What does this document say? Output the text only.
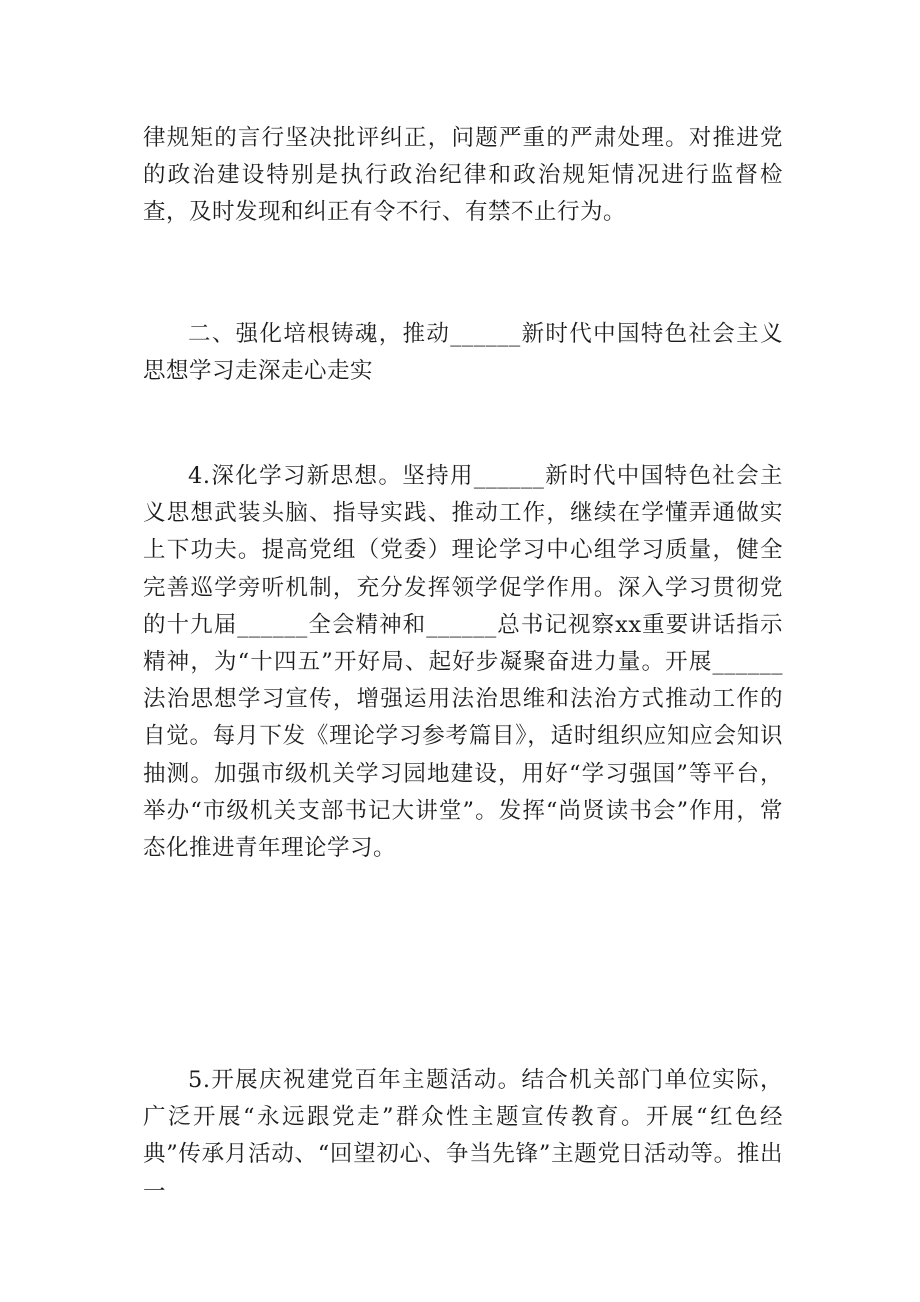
律规矩的言行坚决批评纠正，问题严重的严肃处理。对推进党的政治建设特别是执行政治纪律和政治规矩情况进行监督检查，及时发现和纠正有令不行、有禁不止行为。

二、强化培根铸魂，推动______新时代中国特色社会主义思想学习走深走心走实

4.深化学习新思想。坚持用______新时代中国特色社会主义思想武装头脑、指导实践、推动工作，继续在学懂弄通做实上下功夫。提高党组（党委）理论学习中心组学习质量，健全完善巡学旁听机制，充分发挥领学促学作用。深入学习贯彻党的十九届______全会精神和______总书记视察xx重要讲话指示精神，为“十四五”开好局、起好步凝聚奋进力量。开展______法治思想学习宣传，增强运用法治思维和法治方式推动工作的自觉。每月下发《理论学习参考篇目》，适时组织应知应会知识抽测。加强市级机关学习园地建设，用好“学习强国”等平台，举办“市级机关支部书记大讲堂”。发挥“尚贤读书会”作用，常态化推进青年理论学习。

5.开展庆祝建党百年主题活动。结合机关部门单位实际，广泛开展“永远跟党走”群众性主题宣传教育。开展“红色经典”传承月活动、“回望初心、争当先锋”主题党日活动等。推出一
